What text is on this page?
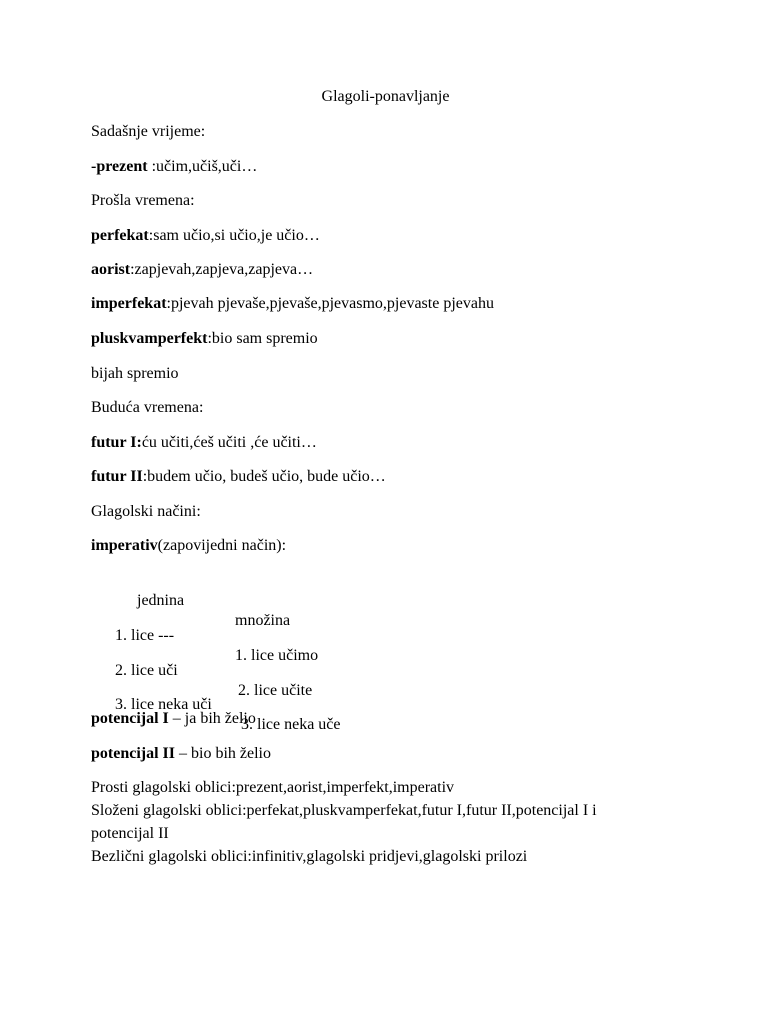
Glagoli-ponavljanje
Sadašnje vrijeme:
-prezent :učim,učiš,uči…
Prošla vremena:
perfekat:sam učio,si učio,je učio…
aorist:zapjevah,zapjeva,zapjeva…
imperfekat:pjevah pjevaše,pjevaše,pjevasmo,pjevaste pjevahu
pluskvamperfekt:bio sam spremio
bijah spremio
Buduća vremena:
futur I:ću učiti,ćeš učiti ,će učiti…
futur II:budem učio, budeš učio, bude učio…
Glagolski načini:
imperativ(zapovijedni način):

jednina

množina

1. lice ---

1. lice učimo

2. lice uči

2. lice učite

3. lice neka uči

3. lice neka uče

potencijal I – ja bih želio
potencijal II – bio bih želio
Prosti glagolski oblici:prezent,aorist,imperfekt,imperativ
Složeni glagolski oblici:perfekat,pluskvamperfekat,futur I,futur II,potencijal I i
potencijal II
Bezlični glagolski oblici:infinitiv,glagolski pridjevi,glagolski prilozi
